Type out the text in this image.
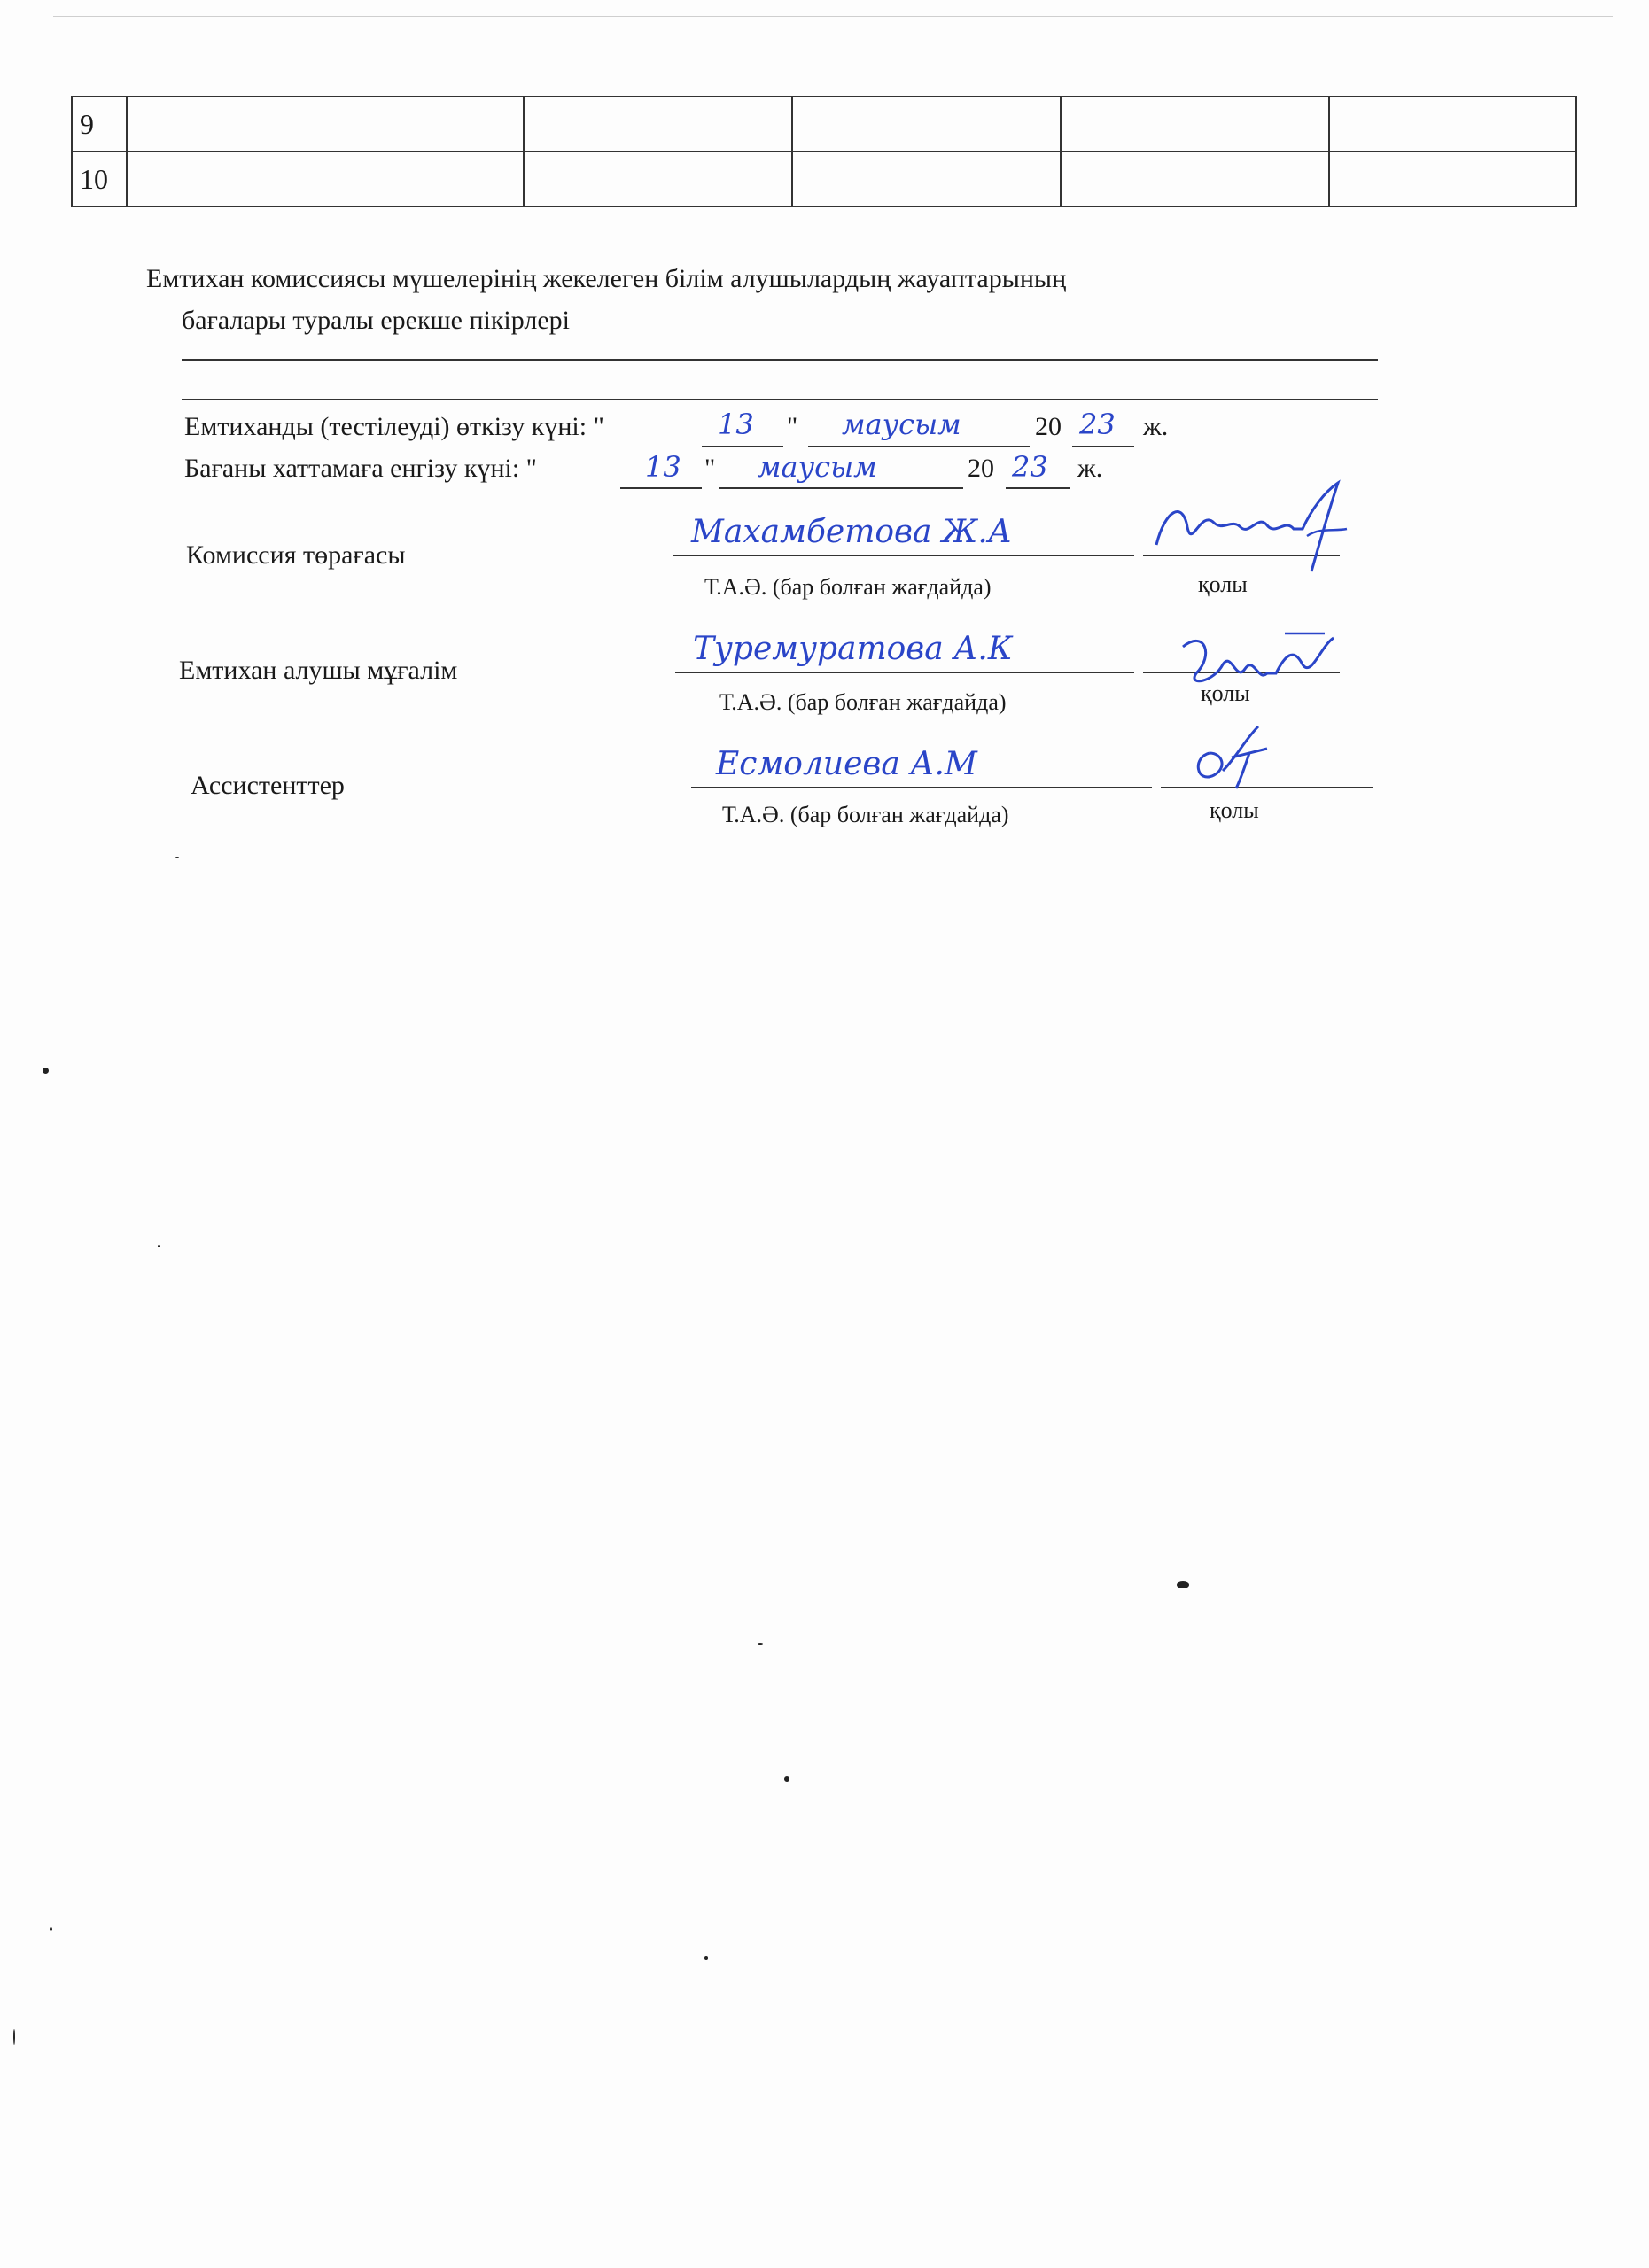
9					
10					
Емтихан комиссиясы мүшелерінің жекелеген білім алушылардың жауаптарының
бағалары туралы ерекше пікірлері
Емтиханды (тестілеуді) өткізу күні: "	13 " маусым	20 23 ж.
Бағаны хаттамаға енгізу күні: "	13 " маусым	20 23 ж.
Комиссия төрағасы
Махамбетова Ж.А
Т.А.Ә. (бар болған жағдайда)	қолы
Емтихан алушы мұғалім
Туремуратова А.К
Т.А.Ә. (бар болған жағдайда)	қолы
Ассистенттер
Есмолиева А.М
Т.А.Ә. (бар болған жағдайда)	қолы
